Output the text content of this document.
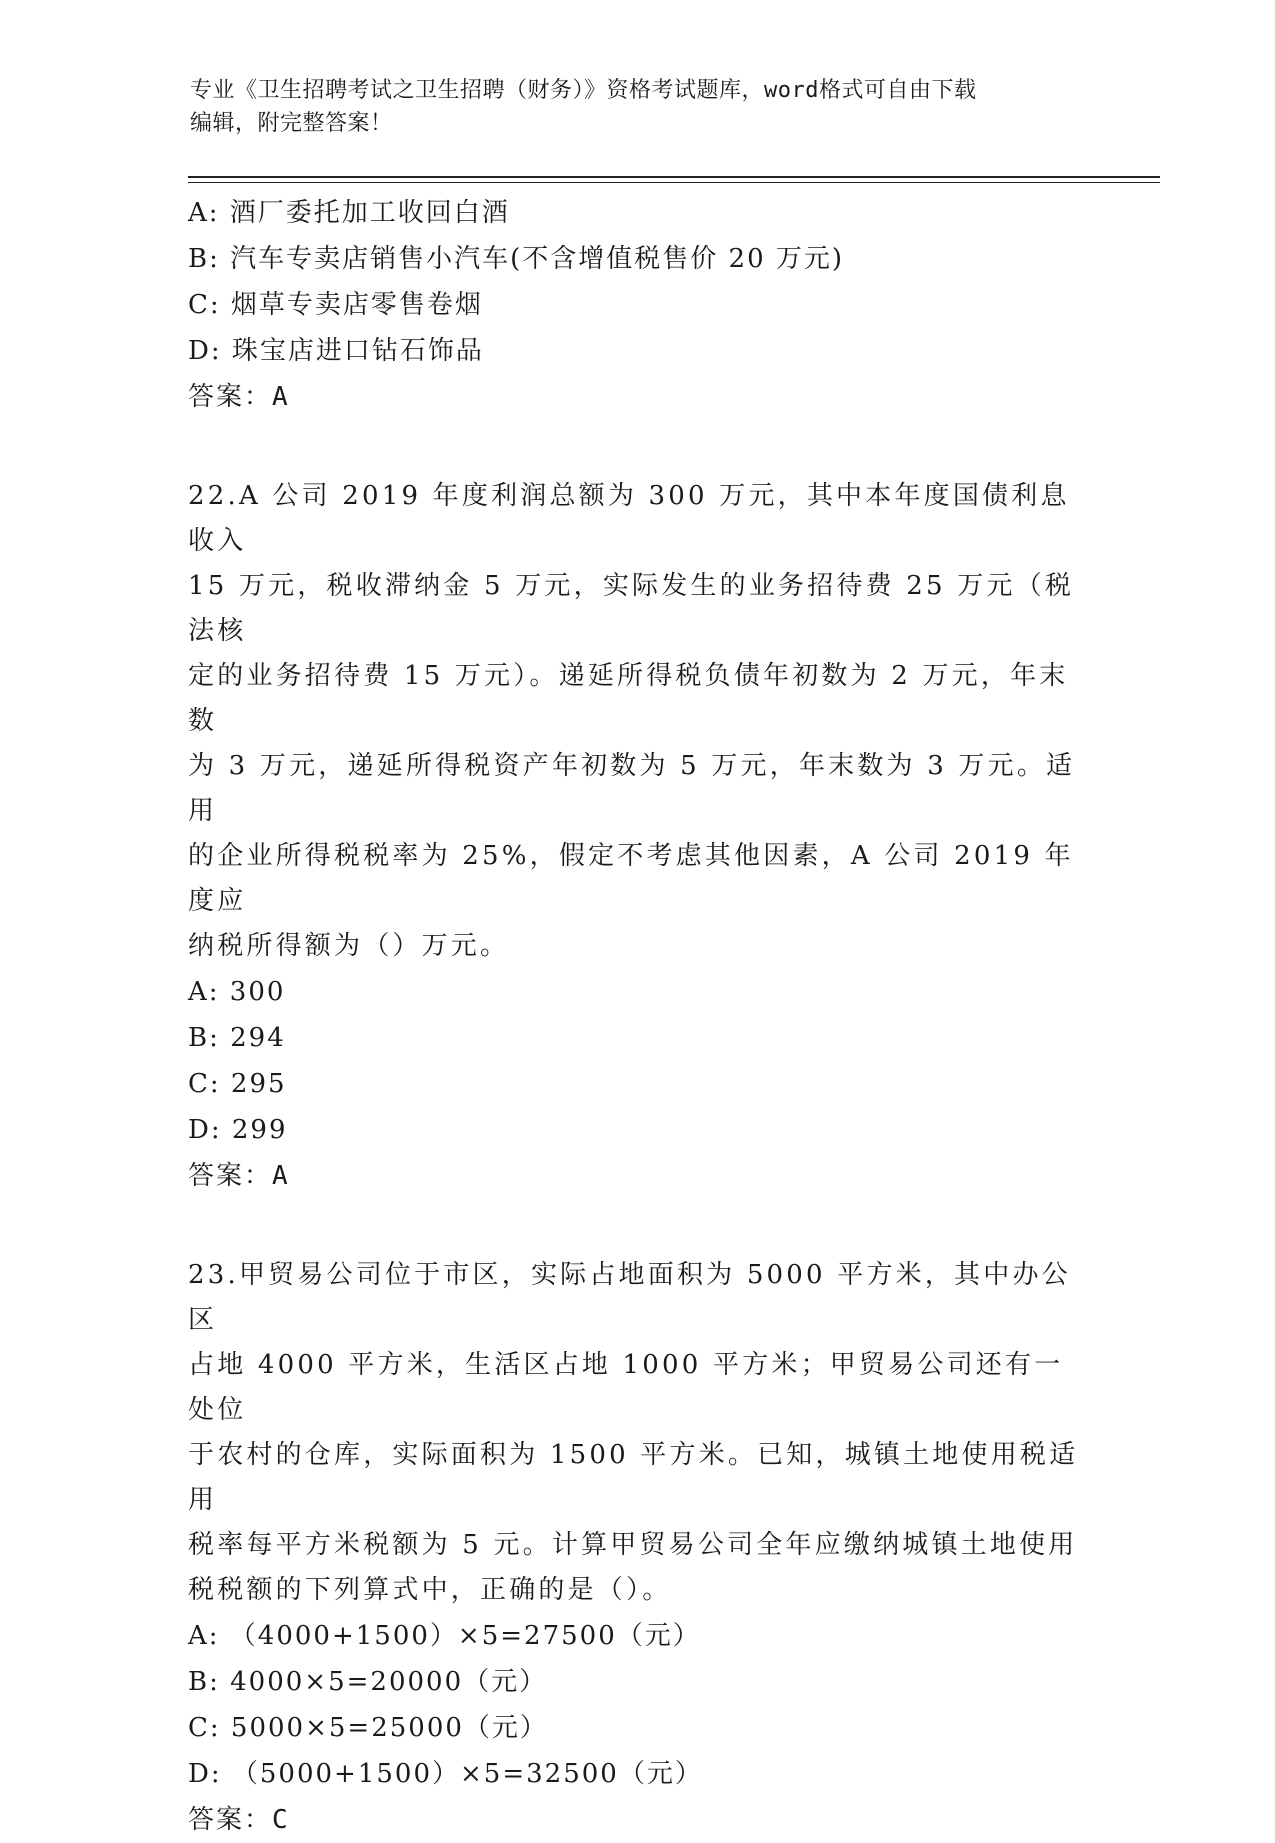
专业《卫生招聘考试之卫生招聘（财务）》资格考试题库，word格式可自由下载
编辑，附完整答案！
A: 酒厂委托加工收回白酒
B: 汽车专卖店销售小汽车(不含增值税售价 20 万元)
C: 烟草专卖店零售卷烟
D: 珠宝店进口钻石饰品
答案：A
22.A 公司 2019 年度利润总额为 300 万元，其中本年度国债利息收入
15 万元，税收滞纳金 5 万元，实际发生的业务招待费 25 万元（税法核
定的业务招待费 15 万元）。递延所得税负债年初数为 2 万元，年末数
为 3 万元，递延所得税资产年初数为 5 万元，年末数为 3 万元。适用
的企业所得税税率为 25%，假定不考虑其他因素，A 公司 2019 年度应
纳税所得额为（）万元。
A: 300
B: 294
C: 295
D: 299
答案：A
23.甲贸易公司位于市区，实际占地面积为 5000 平方米，其中办公区
占地 4000 平方米，生活区占地 1000 平方米；甲贸易公司还有一处位
于农村的仓库，实际面积为 1500 平方米。已知，城镇土地使用税适用
税率每平方米税额为 5 元。计算甲贸易公司全年应缴纳城镇土地使用
税税额的下列算式中，正确的是（）。
A: （4000+1500）×5=27500（元）
B: 4000×5=20000（元）
C: 5000×5=25000（元）
D: （5000+1500）×5=32500（元）
答案：C
